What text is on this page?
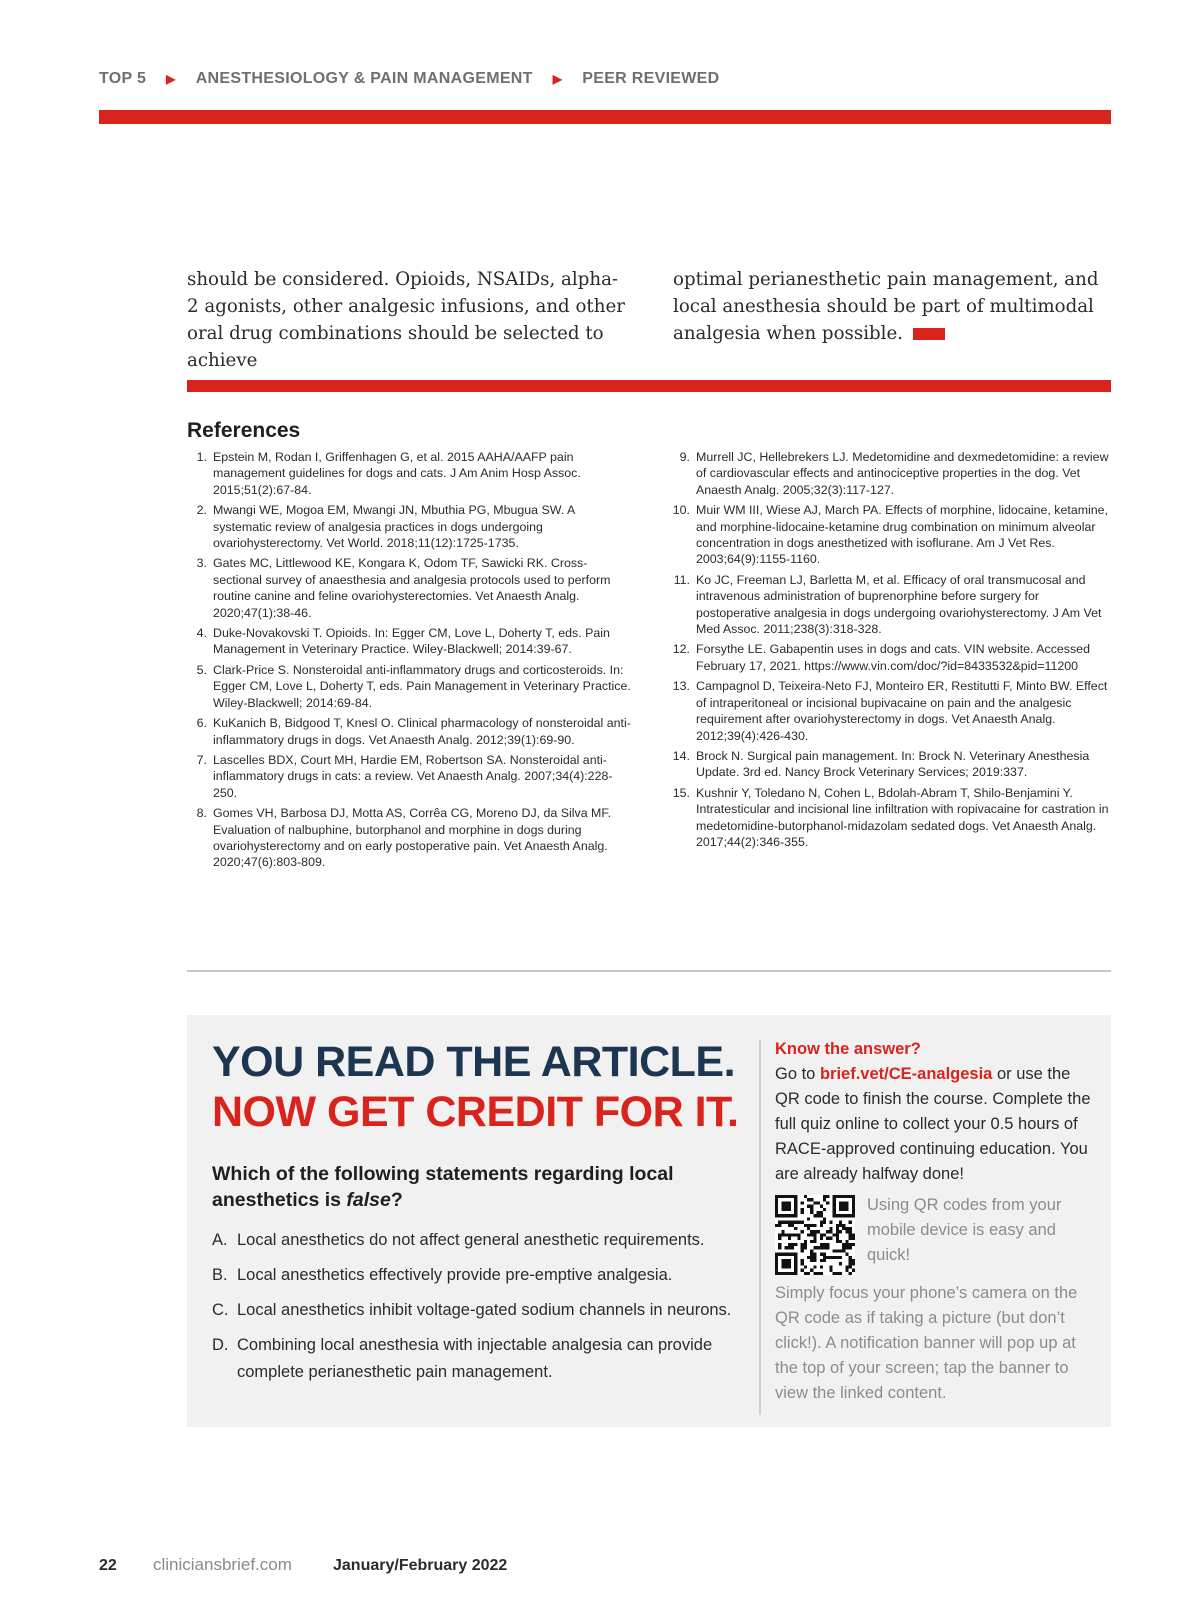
TOP 5 ▶ ANESTHESIOLOGY & PAIN MANAGEMENT ▶ PEER REVIEWED

should be considered. Opioids, NSAIDs, alpha-2 agonists, other analgesic infusions, and other oral drug combinations should be selected to achieve

optimal perianesthetic pain management, and local anesthesia should be part of multimodal analgesia when possible.

References
1. Epstein M, Rodan I, Griffenhagen G, et al. 2015 AAHA/AAFP pain management guidelines for dogs and cats. J Am Anim Hosp Assoc. 2015;51(2):67-84.
2. Mwangi WE, Mogoa EM, Mwangi JN, Mbuthia PG, Mbugua SW. A systematic review of analgesia practices in dogs undergoing ovariohysterectomy. Vet World. 2018;11(12):1725-1735.
3. Gates MC, Littlewood KE, Kongara K, Odom TF, Sawicki RK. Cross-sectional survey of anaesthesia and analgesia protocols used to perform routine canine and feline ovariohysterectomies. Vet Anaesth Analg. 2020;47(1):38-46.
4. Duke-Novakovski T. Opioids. In: Egger CM, Love L, Doherty T, eds. Pain Management in Veterinary Practice. Wiley-Blackwell; 2014:39-67.
5. Clark-Price S. Nonsteroidal anti-inflammatory drugs and corticosteroids. In: Egger CM, Love L, Doherty T, eds. Pain Management in Veterinary Practice. Wiley-Blackwell; 2014:69-84.
6. KuKanich B, Bidgood T, Knesl O. Clinical pharmacology of nonsteroidal anti-inflammatory drugs in dogs. Vet Anaesth Analg. 2012;39(1):69-90.
7. Lascelles BDX, Court MH, Hardie EM, Robertson SA. Nonsteroidal anti-inflammatory drugs in cats: a review. Vet Anaesth Analg. 2007;34(4):228-250.
8. Gomes VH, Barbosa DJ, Motta AS, Corrêa CG, Moreno DJ, da Silva MF. Evaluation of nalbuphine, butorphanol and morphine in dogs during ovariohysterectomy and on early postoperative pain. Vet Anaesth Analg. 2020;47(6):803-809.
9. Murrell JC, Hellebrekers LJ. Medetomidine and dexmedetomidine: a review of cardiovascular effects and antinociceptive properties in the dog. Vet Anaesth Analg. 2005;32(3):117-127.
10. Muir WM III, Wiese AJ, March PA. Effects of morphine, lidocaine, ketamine, and morphine-lidocaine-ketamine drug combination on minimum alveolar concentration in dogs anesthetized with isoflurane. Am J Vet Res. 2003;64(9):1155-1160.
11. Ko JC, Freeman LJ, Barletta M, et al. Efficacy of oral transmucosal and intravenous administration of buprenorphine before surgery for postoperative analgesia in dogs undergoing ovariohysterectomy. J Am Vet Med Assoc. 2011;238(3):318-328.
12. Forsythe LE. Gabapentin uses in dogs and cats. VIN website. Accessed February 17, 2021. https://www.vin.com/doc/?id=8433532&pid=11200
13. Campagnol D, Teixeira-Neto FJ, Monteiro ER, Restitutti F, Minto BW. Effect of intraperitoneal or incisional bupivacaine on pain and the analgesic requirement after ovariohysterectomy in dogs. Vet Anaesth Analg. 2012;39(4):426-430.
14. Brock N. Surgical pain management. In: Brock N. Veterinary Anesthesia Update. 3rd ed. Nancy Brock Veterinary Services; 2019:337.
15. Kushnir Y, Toledano N, Cohen L, Bdolah-Abram T, Shilo-Benjamini Y. Intratesticular and incisional line infiltration with ropivacaine for castration in medetomidine-butorphanol-midazolam sedated dogs. Vet Anaesth Analg. 2017;44(2):346-355.
YOU READ THE ARTICLE.
NOW GET CREDIT FOR IT.
Which of the following statements regarding local anesthetics is false?
A. Local anesthetics do not affect general anesthetic requirements.
B. Local anesthetics effectively provide pre-emptive analgesia.
C. Local anesthetics inhibit voltage-gated sodium channels in neurons.
D. Combining local anesthesia with injectable analgesia can provide complete perianesthetic pain management.
Know the answer?
Go to brief.vet/CE-analgesia or use the QR code to finish the course. Complete the full quiz online to collect your 0.5 hours of RACE-approved continuing education. You are already halfway done!
Using QR codes from your mobile device is easy and quick!
Simply focus your phone’s camera on the QR code as if taking a picture (but don’t click!). A notification banner will pop up at the top of your screen; tap the banner to view the linked content.
22	cliniciansbrief.com	January/February 2022
